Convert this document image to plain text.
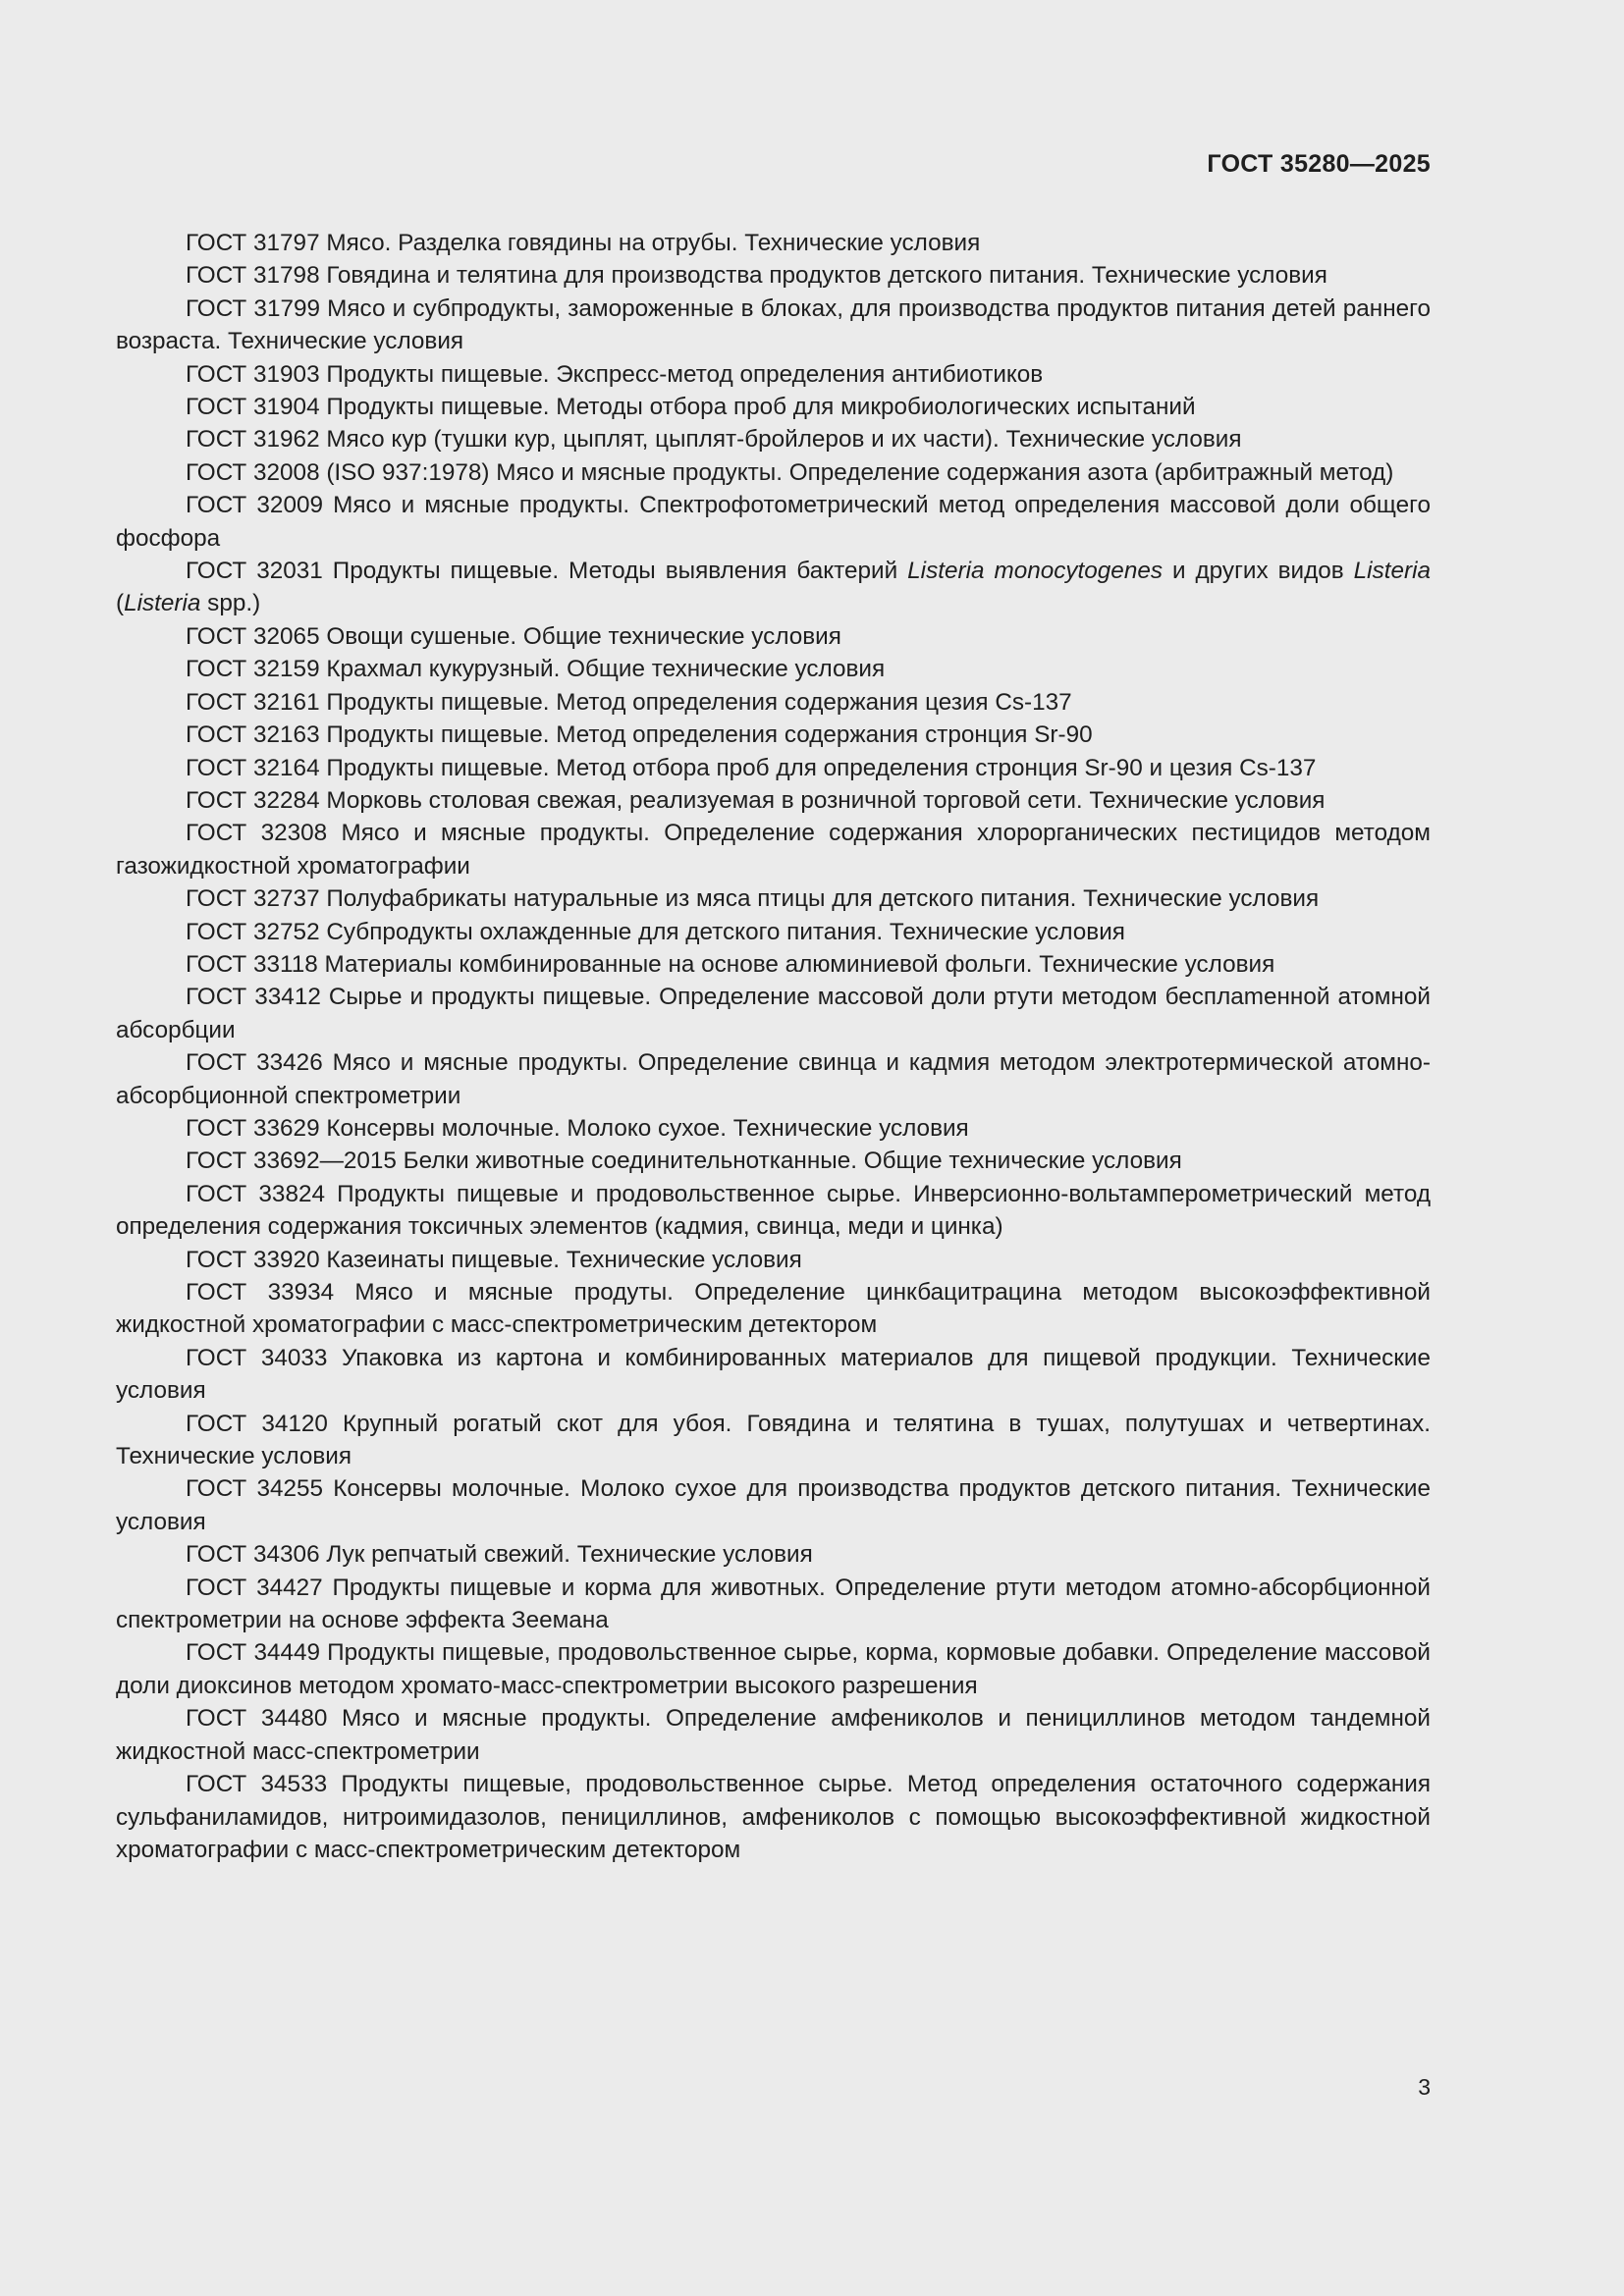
ГОСТ 35280—2025

ГОСТ 31797 Мясо. Разделка говядины на отрубы. Технические условия

ГОСТ 31798 Говядина и телятина для производства продуктов детского питания. Технические условия

ГОСТ 31799 Мясо и субпродукты, замороженные в блоках, для производства продуктов питания детей раннего возраста. Технические условия

ГОСТ 31903 Продукты пищевые. Экспресс-метод определения антибиотиков

ГОСТ 31904 Продукты пищевые. Методы отбора проб для микробиологических испытаний

ГОСТ 31962 Мясо кур (тушки кур, цыплят, цыплят-бройлеров и их части). Технические условия

ГОСТ 32008 (ISO 937:1978) Мясо и мясные продукты. Определение содержания азота (арбитражный метод)

ГОСТ 32009 Мясо и мясные продукты. Спектрофотометрический метод определения массовой доли общего фосфора

ГОСТ 32031 Продукты пищевые. Методы выявления бактерий Listeria monocytogenes и других видов Listeria (Listeria spp.)

ГОСТ 32065 Овощи сушеные. Общие технические условия

ГОСТ 32159 Крахмал кукурузный. Общие технические условия

ГОСТ 32161 Продукты пищевые. Метод определения содержания цезия Cs-137

ГОСТ 32163 Продукты пищевые. Метод определения содержания стронция Sr-90

ГОСТ 32164 Продукты пищевые. Метод отбора проб для определения стронция Sr-90 и цезия Cs-137

ГОСТ 32284 Морковь столовая свежая, реализуемая в розничной торговой сети. Технические условия

ГОСТ 32308 Мясо и мясные продукты. Определение содержания хлорорганических пестицидов методом газожидкостной хроматографии

ГОСТ 32737 Полуфабрикаты натуральные из мяса птицы для детского питания. Технические условия

ГОСТ 32752 Субпродукты охлажденные для детского питания. Технические условия

ГОСТ 33118 Материалы комбинированные на основе алюминиевой фольги. Технические условия

ГОСТ 33412 Сырье и продукты пищевые. Определение массовой доли ртути методом бесплamенной атомной абсорбции

ГОСТ 33426 Мясо и мясные продукты. Определение свинца и кадмия методом электротермической атомно-абсорбционной спектрометрии

ГОСТ 33629 Консервы молочные. Молоко сухое. Технические условия

ГОСТ 33692—2015 Белки животные соединительнотканные. Общие технические условия

ГОСТ 33824 Продукты пищевые и продовольственное сырье. Инверсионно-вольтамперометрический метод определения содержания токсичных элементов (кадмия, свинца, меди и цинка)

ГОСТ 33920 Казеинаты пищевые. Технические условия

ГОСТ 33934 Мясо и мясные продуты. Определение цинкбацитрацина методом высокоэффективной жидкостной хроматографии с масс-спектрометрическим детектором

ГОСТ 34033 Упаковка из картона и комбинированных материалов для пищевой продукции. Технические условия

ГОСТ 34120 Крупный рогатый скот для убоя. Говядина и телятина в тушах, полутушах и четвертинах. Технические условия

ГОСТ 34255 Консервы молочные. Молоко сухое для производства продуктов детского питания. Технические условия

ГОСТ 34306 Лук репчатый свежий. Технические условия

ГОСТ 34427 Продукты пищевые и корма для животных. Определение ртути методом атомно-абсорбционной спектрометрии на основе эффекта Зеемана

ГОСТ 34449 Продукты пищевые, продовольственное сырье, корма, кормовые добавки. Определение массовой доли диоксинов методом хромато-масс-спектрометрии высокого разрешения

ГОСТ 34480 Мясо и мясные продукты. Определение амфениколов и пенициллинов методом тандемной жидкостной масс-спектрометрии

ГОСТ 34533 Продукты пищевые, продовольственное сырье. Метод определения остаточного содержания сульфаниламидов, нитроимидазолов, пенициллинов, амфениколов с помощью высокоэффективной жидкостной хроматографии с масс-спектрометрическим детектором

3
